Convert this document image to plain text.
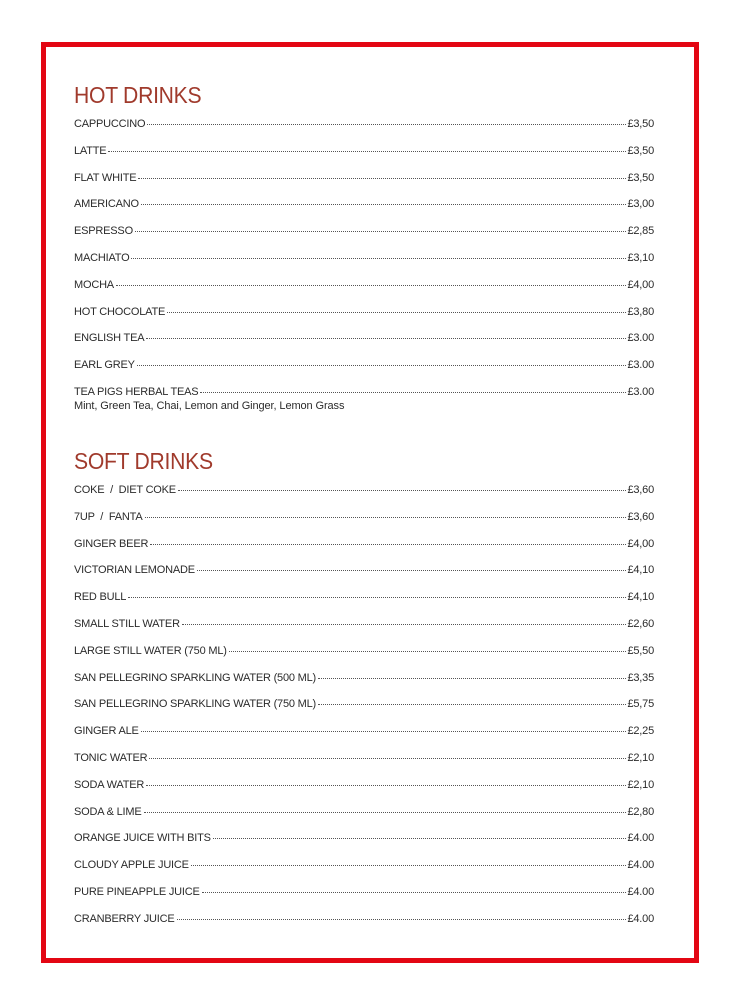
HOT DRINKS
CAPPUCCINO	£3,50
LATTE	£3,50
FLAT WHITE	£3,50
AMERICANO	£3,00
ESPRESSO	£2,85
MACHIATO	£3,10
MOCHA	£4,00
HOT CHOCOLATE	£3,80
ENGLISH TEA	£3.00
EARL GREY	£3.00
TEA PIGS HERBAL TEAS	£3.00
Mint, Green Tea, Chai, Lemon and Ginger, Lemon Grass
SOFT DRINKS
COKE  /  DIET COKE	£3,60
7UP  /  FANTA	£3,60
GINGER BEER	£4,00
VICTORIAN LEMONADE	£4,10
RED BULL	£4,10
SMALL STILL WATER	£2,60
LARGE STILL WATER (750 ML)	£5,50
SAN PELLEGRINO SPARKLING WATER (500 ML)	£3,35
SAN PELLEGRINO SPARKLING WATER (750 ML)	£5,75
GINGER ALE	£2,25
TONIC WATER	£2,10
SODA WATER	£2,10
SODA & LIME	£2,80
ORANGE JUICE WITH BITS	£4.00
CLOUDY APPLE JUICE	£4.00
PURE PINEAPPLE JUICE	£4.00
CRANBERRY JUICE	£4.00
